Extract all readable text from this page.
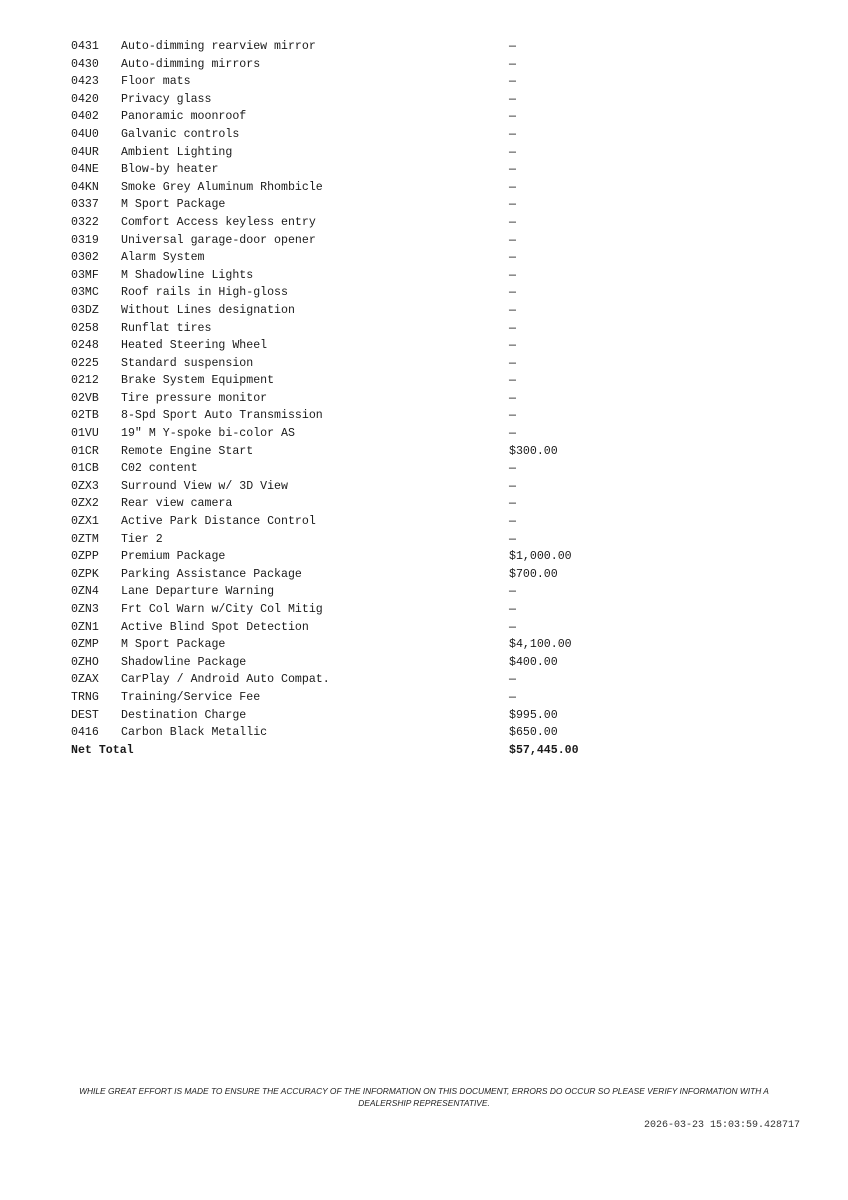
0431	Auto-dimming rearview mirror	—
0430	Auto-dimming mirrors	—
0423	Floor mats	—
0420	Privacy glass	—
0402	Panoramic moonroof	—
04U0	Galvanic controls	—
04UR	Ambient Lighting	—
04NE	Blow-by heater	—
04KN	Smoke Grey Aluminum Rhombicle	—
0337	M Sport Package	—
0322	Comfort Access keyless entry	—
0319	Universal garage-door opener	—
0302	Alarm System	—
03MF	M Shadowline Lights	—
03MC	Roof rails in High-gloss	—
03DZ	Without Lines designation	—
0258	Runflat tires	—
0248	Heated Steering Wheel	—
0225	Standard suspension	—
0212	Brake System Equipment	—
02VB	Tire pressure monitor	—
02TB	8-Spd Sport Auto Transmission	—
01VU	19" M Y-spoke bi-color AS	—
01CR	Remote Engine Start	$300.00
01CB	C02 content	—
0ZX3	Surround View w/ 3D View	—
0ZX2	Rear view camera	—
0ZX1	Active Park Distance Control	—
0ZTM	Tier 2	—
0ZPP	Premium Package	$1,000.00
0ZPK	Parking Assistance Package	$700.00
0ZN4	Lane Departure Warning	—
0ZN3	Frt Col Warn w/City Col Mitig	—
0ZN1	Active Blind Spot Detection	—
0ZMP	M Sport Package	$4,100.00
0ZHO	Shadowline Package	$400.00
0ZAX	CarPlay / Android Auto Compat.	—
TRNG	Training/Service Fee	—
DEST	Destination Charge	$995.00
0416	Carbon Black Metallic	$650.00
Net Total		$57,445.00
WHILE GREAT EFFORT IS MADE TO ENSURE THE ACCURACY OF THE INFORMATION ON THIS DOCUMENT, ERRORS DO OCCUR SO PLEASE VERIFY INFORMATION WITH A DEALERSHIP REPRESENTATIVE.
2026-03-23 15:03:59.428717
